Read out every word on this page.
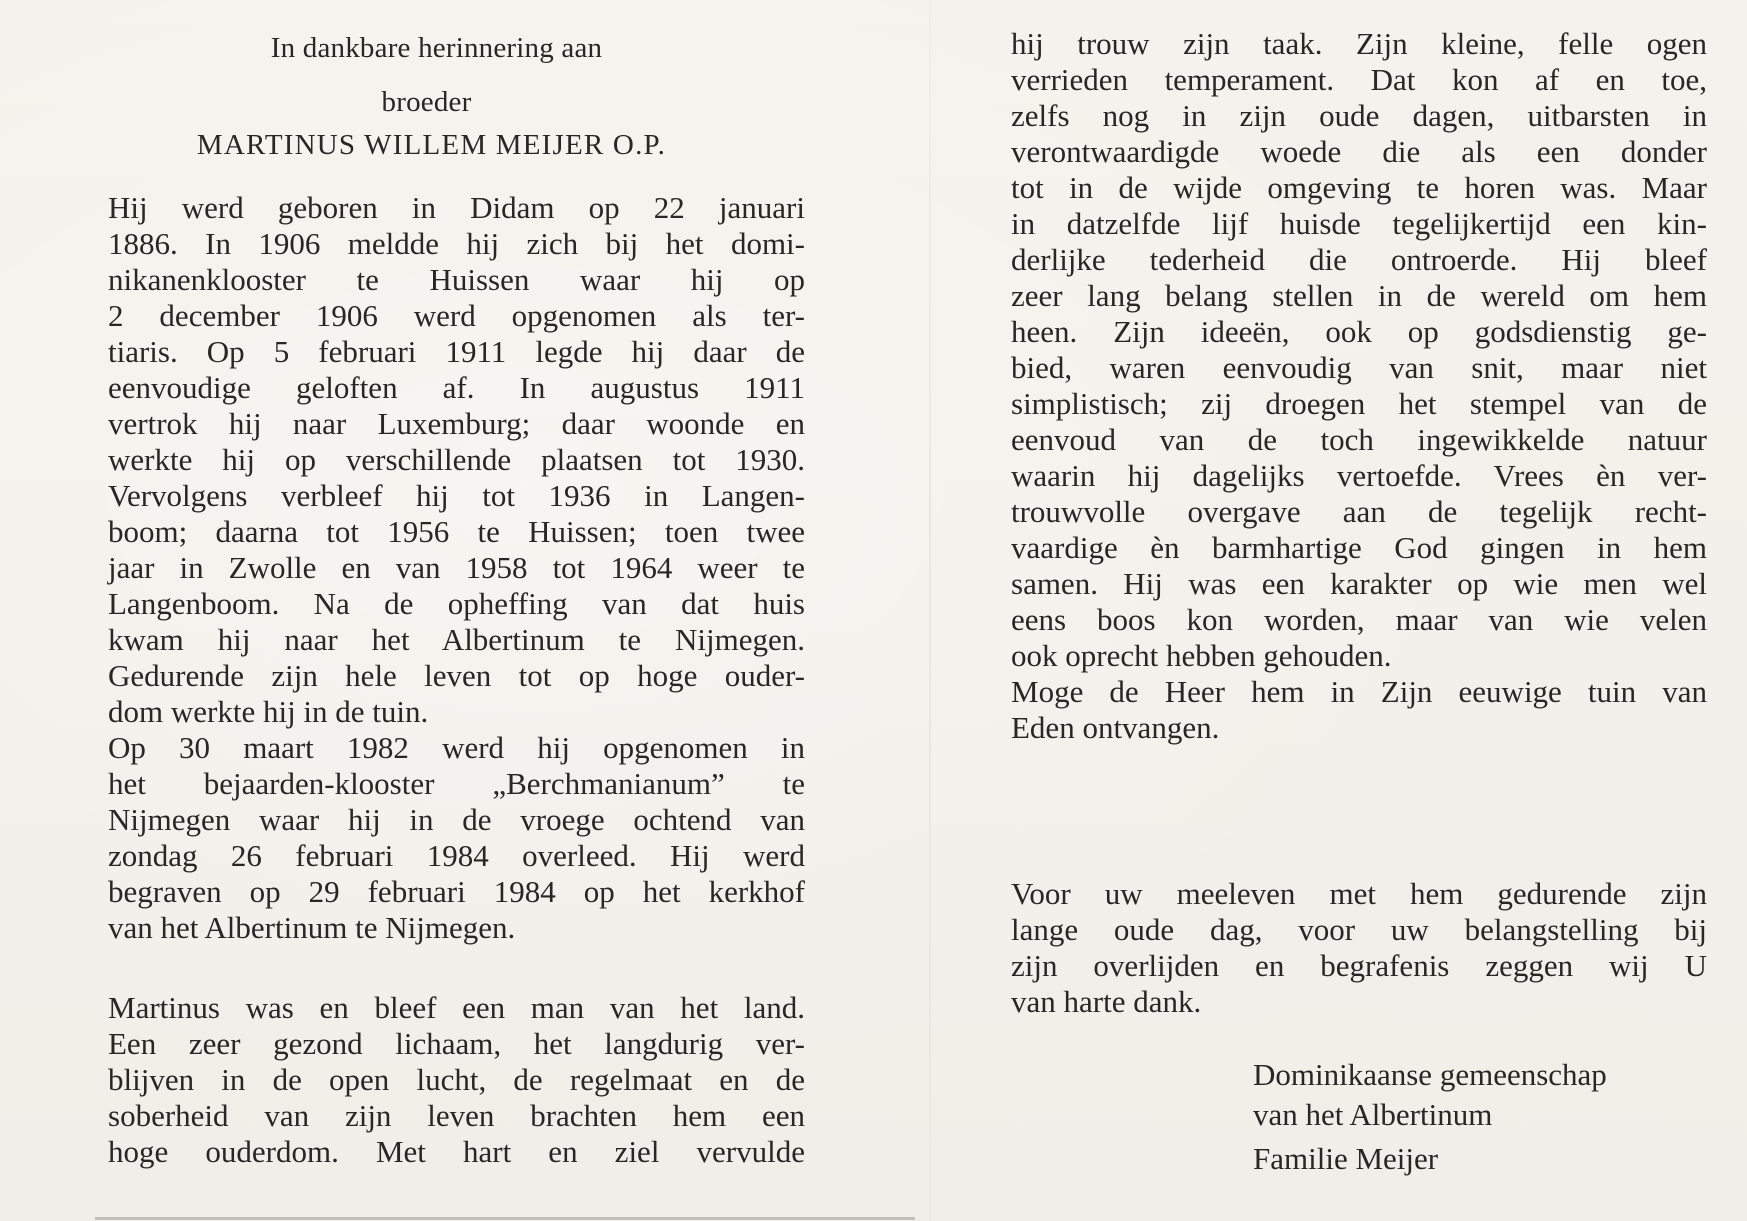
In dankbare herinnering aan
broeder
MARTINUS WILLEM MEIJER O.P.
Hij werd geboren in Didam op 22 januari
1886. In 1906 meldde hij zich bij het domi-
nikanenklooster te Huissen waar hij op
2 december 1906 werd opgenomen als ter-
tiaris. Op 5 februari 1911 legde hij daar de
eenvoudige geloften af. In augustus 1911
vertrok hij naar Luxemburg; daar woonde en
werkte hij op verschillende plaatsen tot 1930.
Vervolgens verbleef hij tot 1936 in Langen-
boom; daarna tot 1956 te Huissen; toen twee
jaar in Zwolle en van 1958 tot 1964 weer te
Langenboom. Na de opheffing van dat huis
kwam hij naar het Albertinum te Nijmegen.
Gedurende zijn hele leven tot op hoge ouder-
dom werkte hij in de tuin.
Op 30 maart 1982 werd hij opgenomen in
het bejaarden-klooster „Berchmanianum” te
Nijmegen waar hij in de vroege ochtend van
zondag 26 februari 1984 overleed. Hij werd
begraven op 29 februari 1984 op het kerkhof
van het Albertinum te Nijmegen.
Martinus was en bleef een man van het land.
Een zeer gezond lichaam, het langdurig ver-
blijven in de open lucht, de regelmaat en de
soberheid van zijn leven brachten hem een
hoge ouderdom. Met hart en ziel vervulde
hij trouw zijn taak. Zijn kleine, felle ogen
verrieden temperament. Dat kon af en toe,
zelfs nog in zijn oude dagen, uitbarsten in
verontwaardigde woede die als een donder
tot in de wijde omgeving te horen was. Maar
in datzelfde lijf huisde tegelijkertijd een kin-
derlijke tederheid die ontroerde. Hij bleef
zeer lang belang stellen in de wereld om hem
heen. Zijn ideeën, ook op godsdienstig ge-
bied, waren eenvoudig van snit, maar niet
simplistisch; zij droegen het stempel van de
eenvoud van de toch ingewikkelde natuur
waarin hij dagelijks vertoefde. Vrees èn ver-
trouwvolle overgave aan de tegelijk recht-
vaardige èn barmhartige God gingen in hem
samen. Hij was een karakter op wie men wel
eens boos kon worden, maar van wie velen
ook oprecht hebben gehouden.
Moge de Heer hem in Zijn eeuwige tuin van
Eden ontvangen.
Voor uw meeleven met hem gedurende zijn
lange oude dag, voor uw belangstelling bij
zijn overlijden en begrafenis zeggen wij U
van harte dank.
Dominikaanse gemeenschap
van het Albertinum
Familie Meijer
